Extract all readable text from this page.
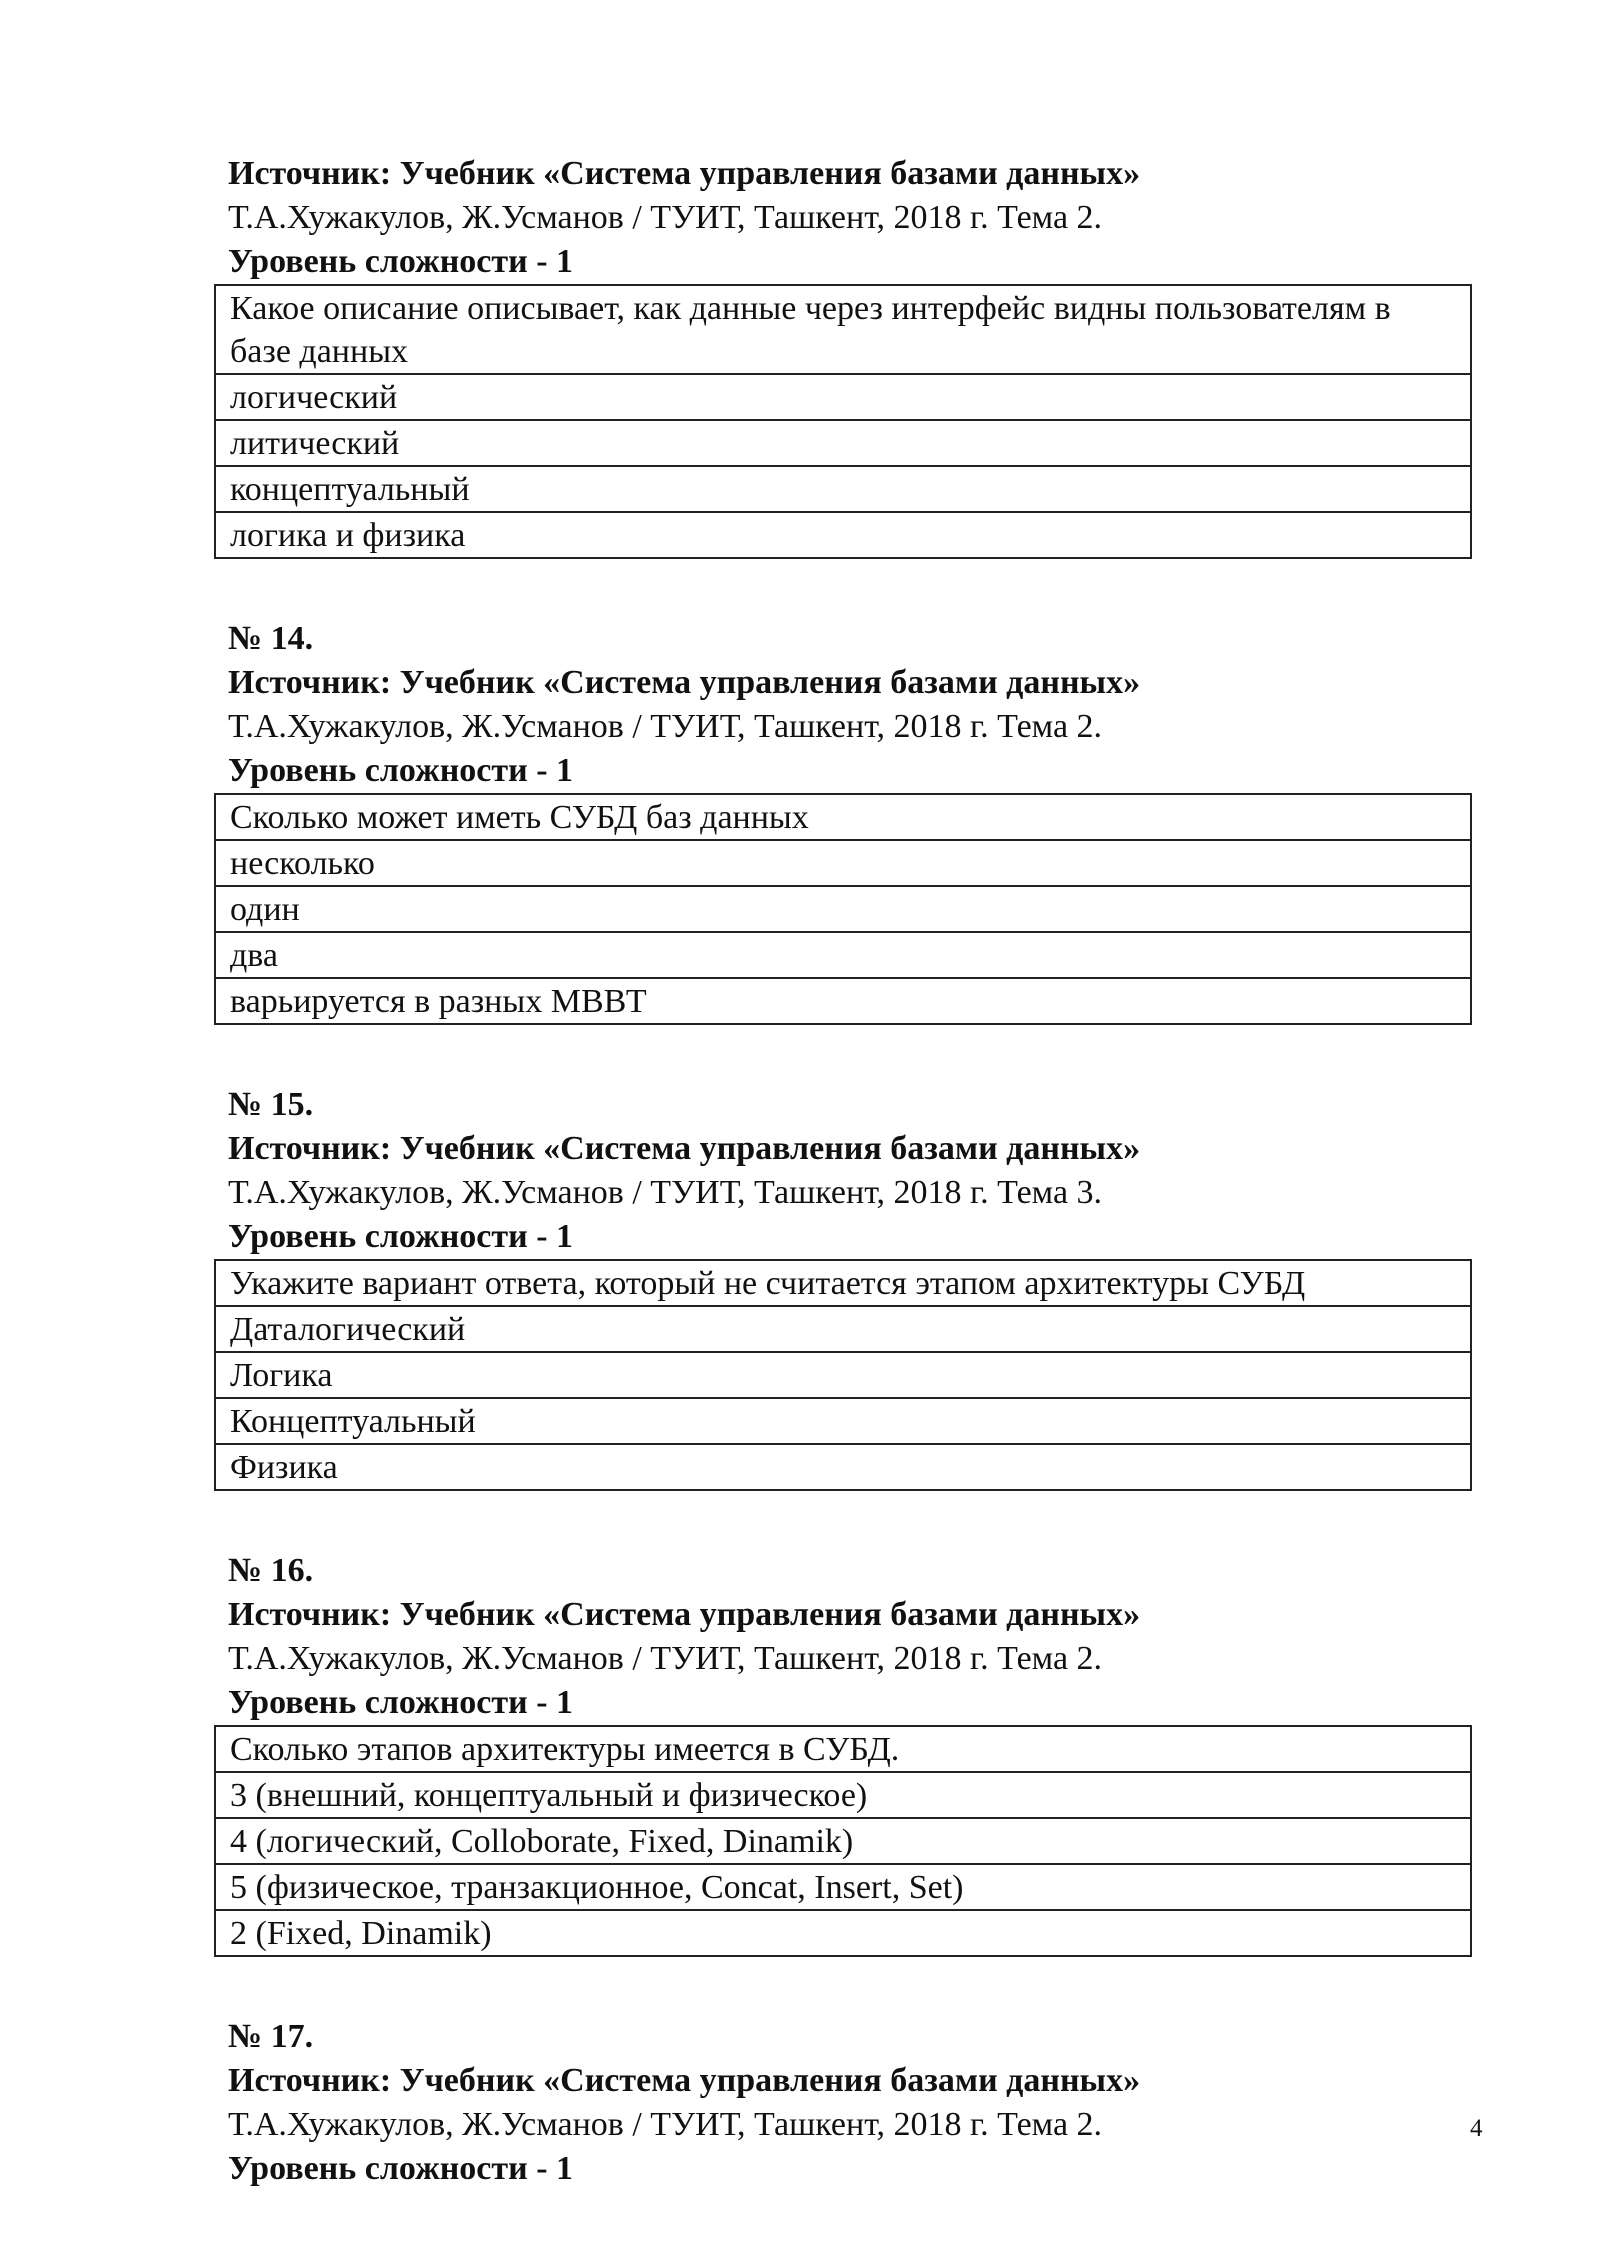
Источник: Учебник «Система управления базами данных»
Т.А.Хужакулов, Ж.Усманов / ТУИТ, Ташкент, 2018 г. Тема 2.
Уровень сложности - 1
Какое описание описывает, как данные через интерфейс видны пользователям в базе данных
логический
литический
концептуальный
логика и физика
№ 14.
Источник: Учебник «Система управления базами данных»
Т.А.Хужакулов, Ж.Усманов / ТУИТ, Ташкент, 2018 г. Тема 2.
Уровень сложности - 1
Сколько может иметь СУБД баз данных
несколько
один
два
варьируется в разных МВВТ
№ 15.
Источник: Учебник «Система управления базами данных»
Т.А.Хужакулов, Ж.Усманов / ТУИТ, Ташкент, 2018 г. Тема 3.
Уровень сложности - 1
Укажите вариант ответа, который не считается этапом архитектуры СУБД
Даталогический
Логика
Концептуальный
Физика
№ 16.
Источник: Учебник «Система управления базами данных»
Т.А.Хужакулов, Ж.Усманов / ТУИТ, Ташкент, 2018 г. Тема 2.
Уровень сложности - 1
Сколько этапов архитектуры имеется в СУБД.
3 (внешний, концептуальный и физическое)
4 (логический, Colloborate, Fixed, Dinamik)
5 (физическое, транзакционное, Concat, Insert, Set)
2 (Fixed, Dinamik)
№ 17.
Источник: Учебник «Система управления базами данных»
Т.А.Хужакулов, Ж.Усманов / ТУИТ, Ташкент, 2018 г. Тема 2.
Уровень сложности - 1
4
